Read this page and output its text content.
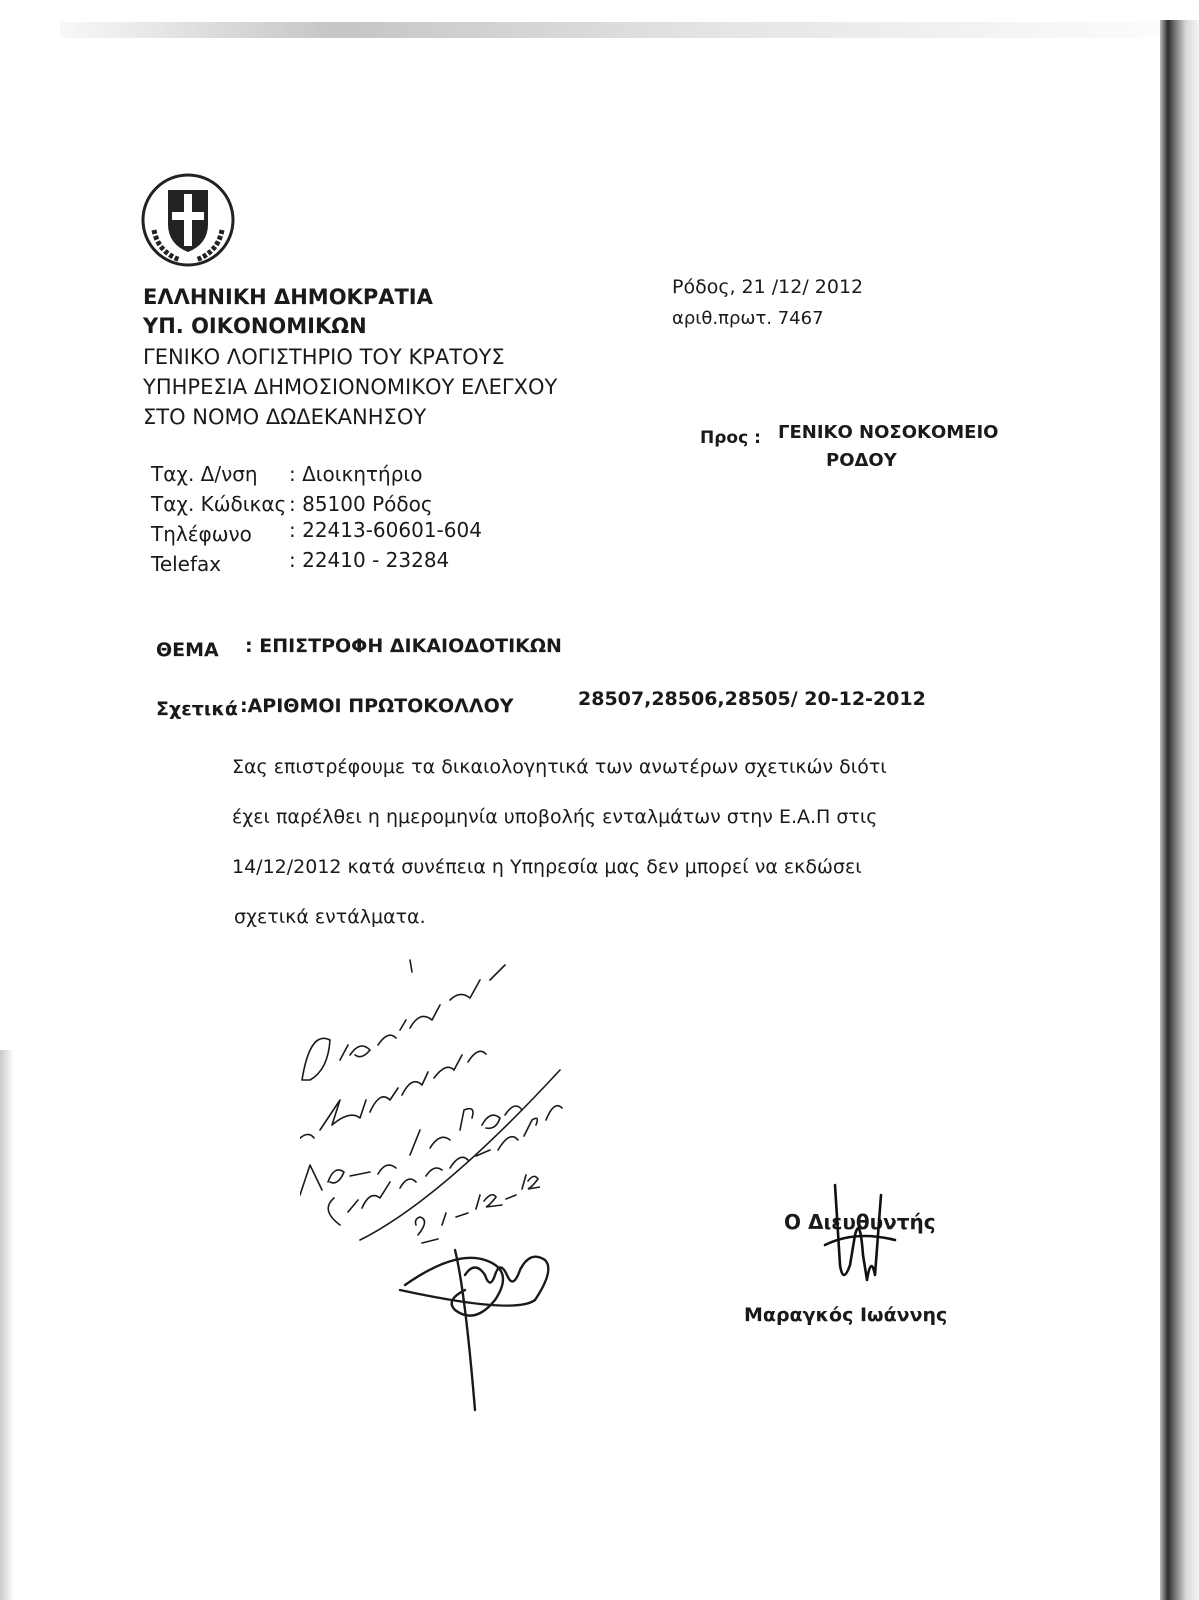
ΕΛΛΗΝΙΚΗ ΔΗΜΟΚΡΑΤΙΑ
ΥΠ. ΟΙΚΟΝΟΜΙΚΩΝ
ΓΕΝΙΚΟ ΛΟΓΙΣΤΗΡΙΟ ΤΟΥ ΚΡΑΤΟΥΣ
ΥΠΗΡΕΣΙΑ ΔΗΜΟΣΙΟΝΟΜΙΚΟΥ ΕΛΕΓΧΟΥ
ΣΤΟ ΝΟΜΟ ΔΩΔΕΚΑΝΗΣΟΥ
Ταχ. Δ/νση : Διοικητήριο
Ταχ. Κώδικας : 85100 Ρόδος
Τηλέφωνο : 22413-60601-604
Telefax	: 22410 - 23284
Ρόδος, 21 /12/ 2012
αριθ.πρωτ. 7467
Προς : ΓΕΝΙΚΟ ΝΟΣΟΚΟΜΕΙΟ
ΡΟΔΟΥ
ΘΕΜΑ : ΕΠΙΣΤΡΟΦΗ ΔΙΚΑΙΟΔΟΤΙΚΩΝ
Σχετικά :ΑΡΙΘΜΟΙ ΠΡΩΤΟΚΟΛΛΟΥ	28507,28506,28505/ 20-12-2012
Σας επιστρέφουμε τα δικαιολογητικά των ανωτέρων σχετικών διότι
έχει παρέλθει η ημερομηνία υποβολής ενταλμάτων στην Ε.Α.Π στις
14/12/2012 κατά συνέπεια η Υπηρεσία μας δεν μπορεί να εκδώσει
σχετικά εντάλματα.
Ο Διευθυντής
Μαραγκός Ιωάννης
